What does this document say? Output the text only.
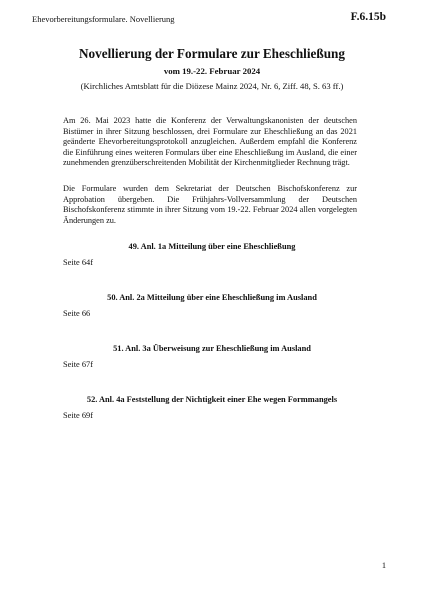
Ehevorbereitungsformulare. Novellierung	F.6.15b
Novellierung der Formulare zur Eheschließung
vom 19.-22. Februar 2024
(Kirchliches Amtsblatt für die Diözese Mainz 2024, Nr. 6, Ziff. 48, S. 63 ff.)

Am 26. Mai 2023 hatte die Konferenz der Verwaltungskanonisten der deutschen Bistümer in ihrer Sitzung beschlossen, drei Formulare zur Eheschließung an das 2021 geänderte Ehevorbereitungsprotokoll anzugleichen. Außerdem empfahl die Konferenz die Einführung eines weiteren Formulars über eine Eheschließung im Ausland, die einer zunehmenden grenzüberschreitenden Mobilität der Kirchenmitglieder Rechnung trägt.

Die Formulare wurden dem Sekretariat der Deutschen Bischofskonferenz zur Approbation übergeben. Die Frühjahrs-Vollversammlung der Deutschen Bischofskonferenz stimmte in ihrer Sitzung vom 19.-22. Februar 2024 allen vorgelegten Änderungen zu.

49. Anl. 1a Mitteilung über eine Eheschließung
Seite 64f
50. Anl. 2a Mitteilung über eine Eheschließung im Ausland
Seite 66
51. Anl. 3a Überweisung zur Eheschließung im Ausland
Seite 67f
52. Anl. 4a Feststellung der Nichtigkeit einer Ehe wegen Formmangels
Seite 69f
1
